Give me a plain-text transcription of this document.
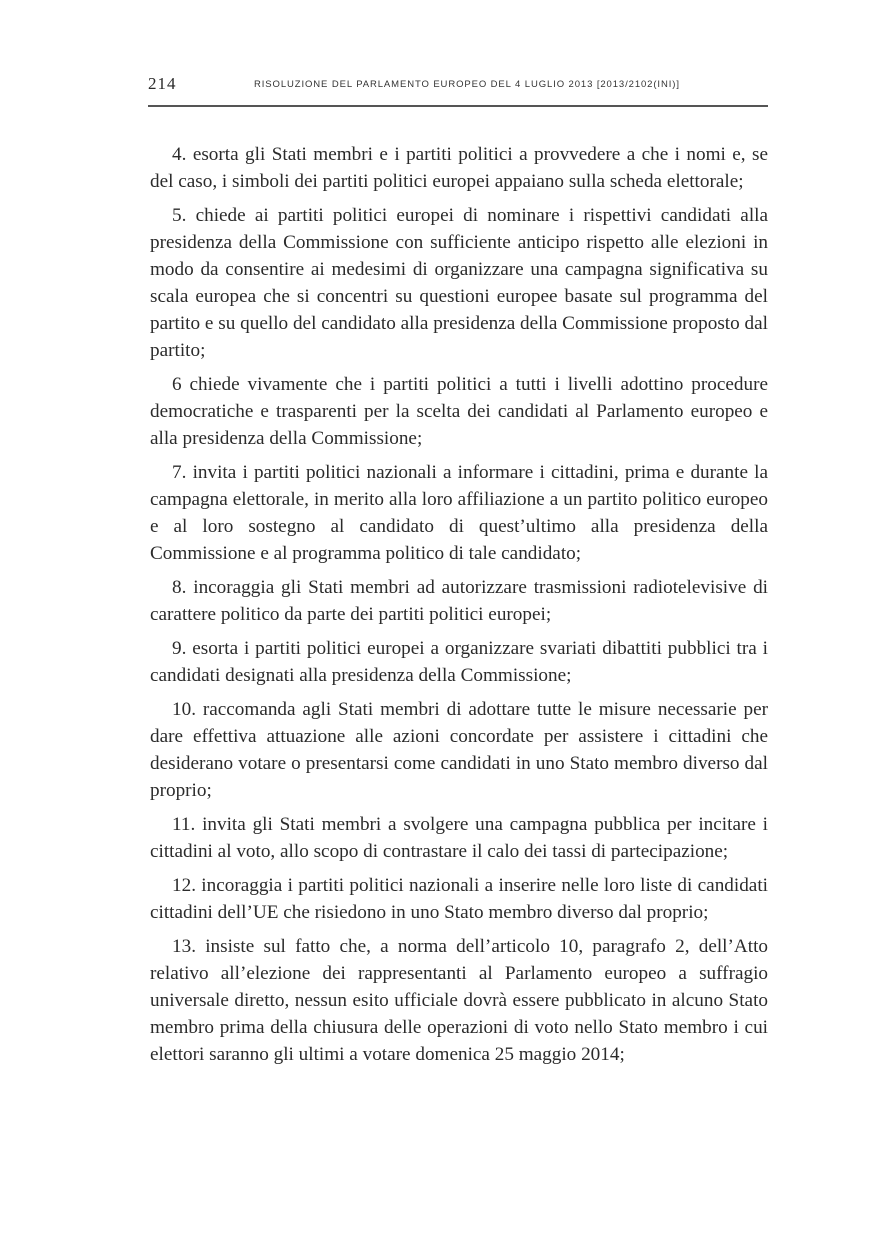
214	RISOLUZIONE DEL PARLAMENTO EUROPEO DEL 4 LUGLIO 2013 [2013/2102(INI)]

4. esorta gli Stati membri e i partiti politici a provvedere a che i nomi e, se del caso, i simboli dei partiti politici europei appaiano sulla scheda elettorale;

5. chiede ai partiti politici europei di nominare i rispettivi candidati alla presidenza della Commissione con sufficiente anticipo rispetto alle elezioni in modo da consentire ai medesimi di organizzare una campagna significativa su scala europea che si concentri su questioni europee basate sul programma del partito e su quello del candidato alla presidenza della Commissione proposto dal partito;

6 chiede vivamente che i partiti politici a tutti i livelli adottino procedure democratiche e trasparenti per la scelta dei candidati al Parlamento europeo e alla presidenza della Commissione;

7. invita i partiti politici nazionali a informare i cittadini, prima e durante la campagna elettorale, in merito alla loro affiliazione a un partito politico europeo e al loro sostegno al candidato di quest’ultimo alla presidenza della Commissione e al programma politico di tale candidato;

8. incoraggia gli Stati membri ad autorizzare trasmissioni radiotelevisive di carattere politico da parte dei partiti politici europei;

9. esorta i partiti politici europei a organizzare svariati dibattiti pubblici tra i candidati designati alla presidenza della Commissione;

10. raccomanda agli Stati membri di adottare tutte le misure necessarie per dare effettiva attuazione alle azioni concordate per assistere i cittadini che desiderano votare o presentarsi come candidati in uno Stato membro diverso dal proprio;

11. invita gli Stati membri a svolgere una campagna pubblica per incitare i cittadini al voto, allo scopo di contrastare il calo dei tassi di partecipazione;

12. incoraggia i partiti politici nazionali a inserire nelle loro liste di candidati cittadini dell’UE che risiedono in uno Stato membro diverso dal proprio;

13. insiste sul fatto che, a norma dell’articolo 10, paragrafo 2, dell’Atto relativo all’elezione dei rappresentanti al Parlamento europeo a suffragio universale diretto, nessun esito ufficiale dovrà essere pubblicato in alcuno Stato membro prima della chiusura delle operazioni di voto nello Stato membro i cui elettori saranno gli ultimi a votare domenica 25 maggio 2014;
